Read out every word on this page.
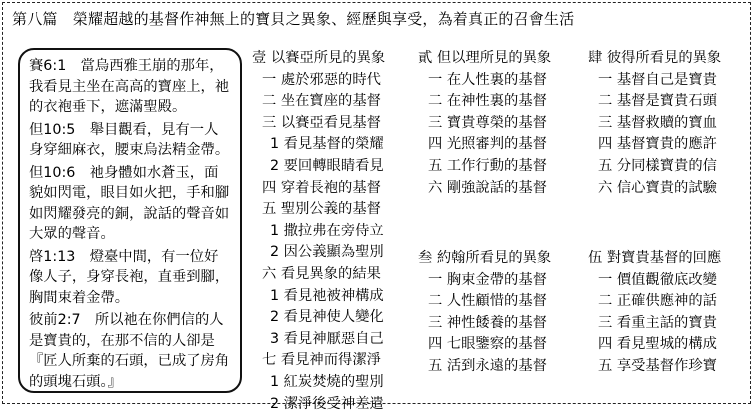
第八篇　榮耀超越的基督作神無上的寶貝之異象、經歷與享受，為着真正的召會生活
賽6:1　當烏西雅王崩的那年，我看見主坐在高高的寶座上，祂的衣袍垂下，遮滿聖殿。
但10:5　舉目觀看，見有一人身穿細麻衣，腰束烏法精金帶。
但10:6　祂身體如水蒼玉，面貌如閃電，眼目如火把，手和腳如閃耀發亮的銅，說話的聲音如大眾的聲音。
啓1:13　燈臺中間，有一位好像人子，身穿長袍，直垂到腳，胸間束着金帶。
彼前2:7　所以祂在你們信的人是寶貴的，在那不信的人卻是『匠人所棄的石頭，已成了房角的頭塊石頭。』
壹 以賽亞所見的異象
一 處於邪惡的時代
二 坐在寶座的基督
三 以賽亞看見基督
1 看見基督的榮耀
2 要回轉眼睛看見
四 穿着長袍的基督
五 聖別公義的基督
1 撒拉弗在旁侍立
2 因公義顯為聖別
六 看見異象的結果
1 看見祂被神構成
2 看見神使人變化
3 看見神厭惡自己
七 看見神而得潔淨
1 紅炭焚燒的聖別
2 潔淨後受神差遣
貳 但以理所見的異象
一 在人性裏的基督
二 在神性裏的基督
三 寶貴尊榮的基督
四 光照審判的基督
五 工作行動的基督
六 剛強說話的基督
叁 約翰所看見的異象
一 胸束金帶的基督
二 人性顧惜的基督
三 神性餧養的基督
四 七眼鑒察的基督
五 活到永遠的基督
肆 彼得所看見的異象
一 基督自己是寶貴
二 基督是寶貴石頭
三 基督救贖的寶血
四 基督寶貴的應許
五 分同樣寶貴的信
六 信心寶貴的試驗
伍 對寶貴基督的回應
一 價值觀徹底改變
二 正確供應神的話
三 看重主話的寶貴
四 看見聖城的構成
五 享受基督作珍寶
